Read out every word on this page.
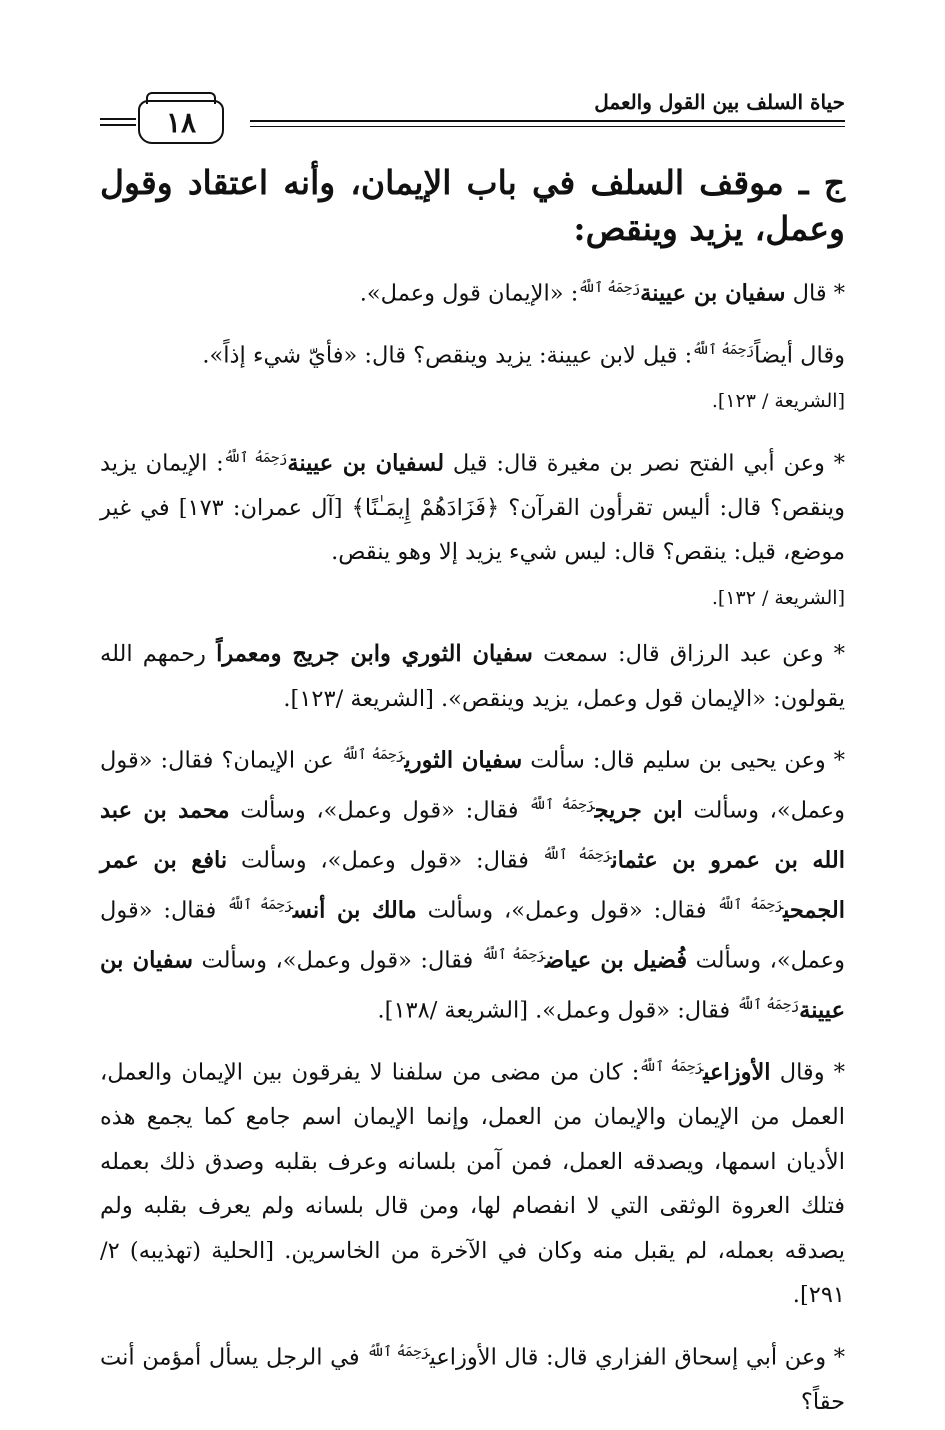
حياة السلف بين القول والعمل
١٨
ج ـ موقف السلف في باب الإيمان، وأنه اعتقاد وقول وعمل، يزيد وينقص:

* قال سفيان بن عيينة$^{رَحِمَهُ ٱللَّهُ}$: «الإيمان قول وعمل».

وقال أيضاً$^{رَحِمَهُ ٱللَّهُ}$: قيل لابن عيينة: يزيد وينقص؟ قال: «فأيّ شيء إذاً».
[الشريعة / ١٢٣].

* وعن أبي الفتح نصر بن مغيرة قال: قيل لسفيان بن عيينة$^{رَحِمَهُ ٱللَّهُ}$: الإيمان يزيد وينقص؟ قال: أليس تقرأون القرآن؟ ﴿فَزَادَهُمْ إِيمَـٰنًا﴾ [آل عمران: ١٧٣] في غير موضع، قيل: ينقص؟ قال: ليس شيء يزيد إلا وهو ينقص.
[الشريعة / ١٣٢].

* وعن عبد الرزاق قال: سمعت سفيان الثوري وابن جريج ومعمراً رحمهم الله يقولون: «الإيمان قول وعمل، يزيد وينقص». [الشريعة /١٢٣].

* وعن يحيى بن سليم قال: سألت سفيان الثوري$^{رَحِمَهُ ٱللَّهُ}$ عن الإيمان؟ فقال: «قول وعمل»، وسألت ابن جريج$^{رَحِمَهُ ٱللَّهُ}$ فقال: «قول وعمل»، وسألت محمد بن عبد الله بن عمرو بن عثمان$^{رَحِمَهُ ٱللَّهُ}$ فقال: «قول وعمل»، وسألت نافع بن عمر الجمحي$^{رَحِمَهُ ٱللَّهُ}$ فقال: «قول وعمل»، وسألت مالك بن أنس$^{رَحِمَهُ ٱللَّهُ}$ فقال: «قول وعمل»، وسألت فُضيل بن عياض$^{رَحِمَهُ ٱللَّهُ}$ فقال: «قول وعمل»، وسألت سفيان بن عيينة$^{رَحِمَهُ ٱللَّهُ}$ فقال: «قول وعمل». [الشريعة /١٣٨].

* وقال الأوزاعي$^{رَحِمَهُ ٱللَّهُ}$: كان من مضى من سلفنا لا يفرقون بين الإيمان والعمل، العمل من الإيمان والإيمان من العمل، وإنما الإيمان اسم جامع كما يجمع هذه الأديان اسمها، ويصدقه العمل، فمن آمن بلسانه وعرف بقلبه وصدق ذلك بعمله فتلك العروة الوثقى التي لا انفصام لها، ومن قال بلسانه ولم يعرف بقلبه ولم يصدقه بعمله، لم يقبل منه وكان في الآخرة من الخاسرين. [الحلية (تهذيبه) ٢/ ٢٩١].

* وعن أبي إسحاق الفزاري قال: قال الأوزاعي$^{رَحِمَهُ ٱللَّهُ}$ في الرجل يسأل أمؤمن أنت حقاً؟
